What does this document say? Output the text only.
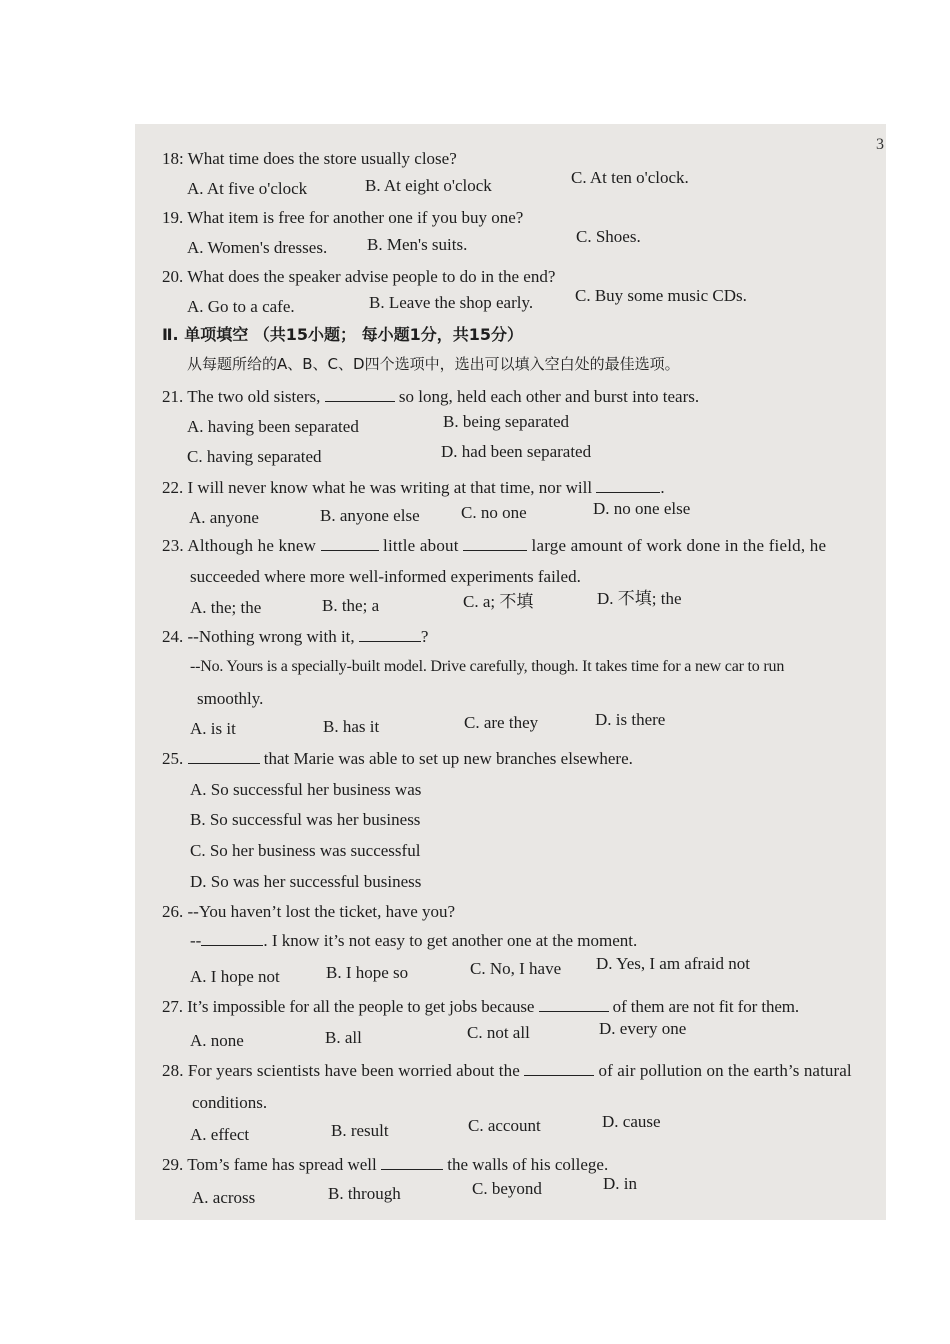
3
18: What time does the store usually close?
A. At five o'clock	B. At eight o'clock	C. At ten o'clock.
19. What item is free for another one if you buy one?
A. Women's dresses. B. Men's suits.	C. Shoes.
20. What does the speaker advise people to do in the end?
A. Go to a cafe.	B. Leave the shop early. C. Buy some music CDs.
Ⅱ. 单项填空 （共15小题； 每小题1分，共15分）
从每题所给的A、B、C、D四个选项中，选出可以填入空白处的最佳选项。
21. The two old sisters,	so long, held each other and burst into tears.
A. having been separated	B. being separated
C. having separated	D. had been separated
22. I will never know what he was writing at that time, nor will	.
A. anyone	B. anyone else C. no one	D. no one else
23. Although he knew	little about	large amount of work done in the field, he
succeeded where more well-informed experiments failed.
A. the; the	B. the; a	C. a; 不填	D. 不填; the
24. --Nothing wrong with it,	?
--No. Yours is a specially-built model. Drive carefully, though. It takes time for a new car to run
smoothly.
A. is it	B. has it	C. are they	D. is there
25.	that Marie was able to set up new branches elsewhere.
A. So successful her business was
B. So successful was her business
C. So her business was successful
D. So was her successful business
26. --You haven’t lost the ticket, have you?
--	. I know it’s not easy to get another one at the moment.
A. I hope not	B. I hope so	C. No, I have D. Yes, I am afraid not
27. It’s impossible for all the people to get jobs because	of them are not fit for them.
A. none	B. all	C. not all	D. every one
28. For years scientists have been worried about the	of air pollution on the earth’s natural
conditions.
A. effect	B. result	C. account	D. cause
29. Tom’s fame has spread well	the walls of his college.
A. across	B. through	C. beyond	D. in
